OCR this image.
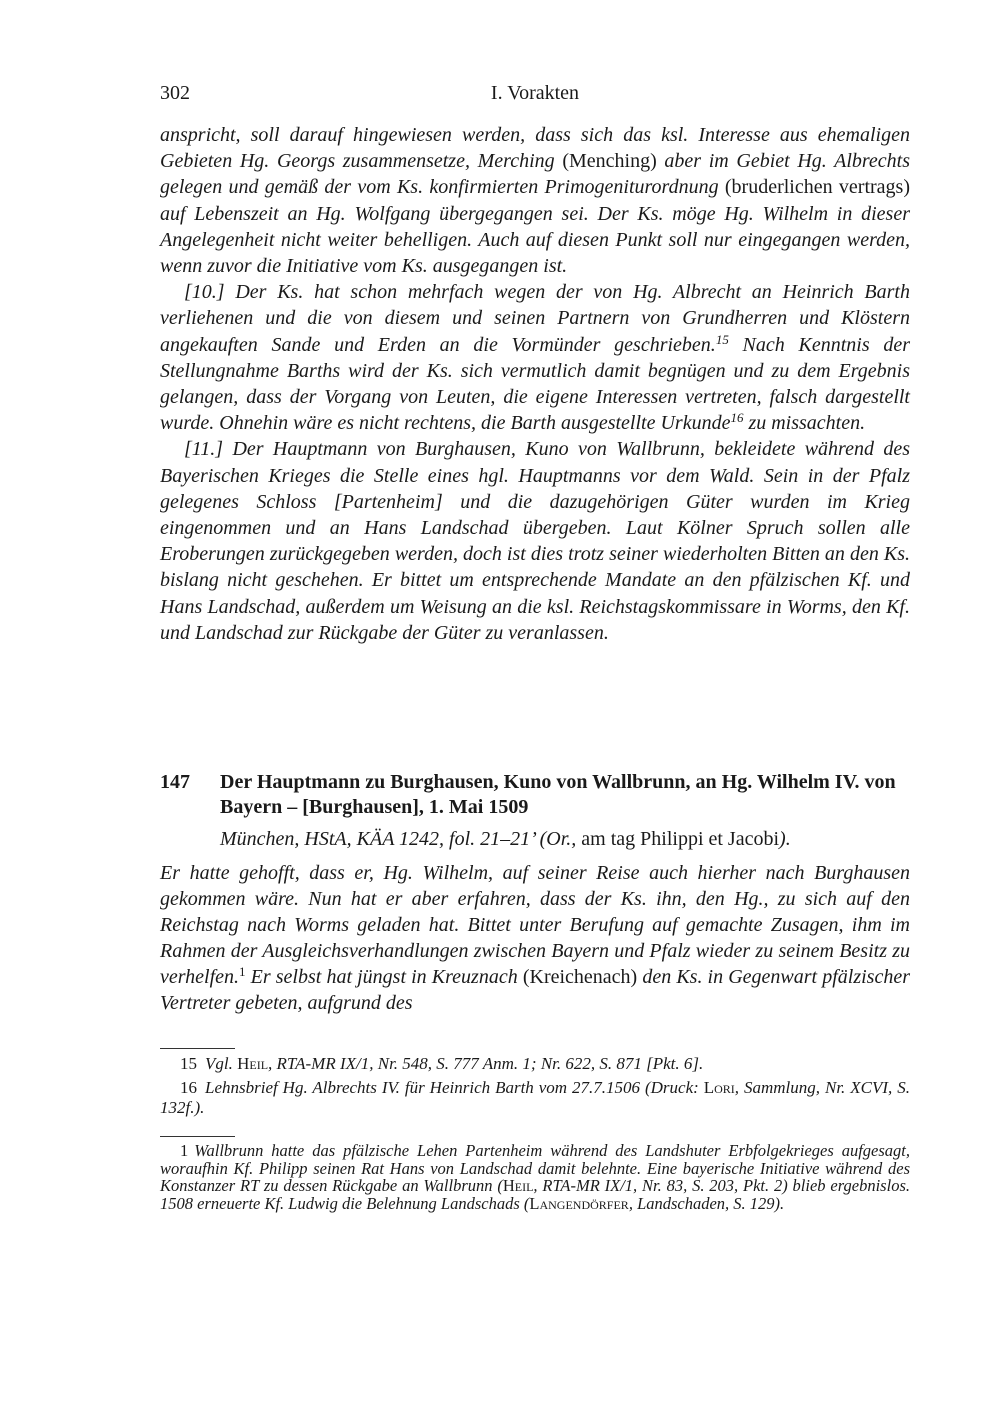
302	I. Vorakten

anspricht, soll darauf hingewiesen werden, dass sich das ksl. Interesse aus ehemaligen Gebieten Hg. Georgs zusammensetze, Merching (Menching) aber im Gebiet Hg. Albrechts gelegen und gemäß der vom Ks. konfirmierten Primogeniturordnung (bruderlichen vertrags) auf Lebenszeit an Hg. Wolfgang übergegangen sei. Der Ks. möge Hg. Wilhelm in dieser Angelegenheit nicht weiter behelligen. Auch auf diesen Punkt soll nur eingegangen werden, wenn zuvor die Initiative vom Ks. ausgegangen ist.

[10.] Der Ks. hat schon mehrfach wegen der von Hg. Albrecht an Heinrich Barth verliehenen und die von diesem und seinen Partnern von Grundherren und Klöstern angekauften Sande und Erden an die Vormünder geschrieben.$^{15}$ Nach Kenntnis der Stellungnahme Barths wird der Ks. sich vermutlich damit begnügen und zu dem Ergebnis gelangen, dass der Vorgang von Leuten, die eigene Interessen vertreten, falsch dargestellt wurde. Ohnehin wäre es nicht rechtens, die Barth ausgestellte Urkunde$^{16}$ zu missachten.

[11.] Der Hauptmann von Burghausen, Kuno von Wallbrunn, bekleidete während des Bayerischen Krieges die Stelle eines hgl. Hauptmanns vor dem Wald. Sein in der Pfalz gelegenes Schloss [Partenheim] und die dazugehörigen Güter wurden im Krieg eingenommen und an Hans Landschad übergeben. Laut Kölner Spruch sollen alle Eroberungen zurückgegeben werden, doch ist dies trotz seiner wiederholten Bitten an den Ks. bislang nicht geschehen. Er bittet um entsprechende Mandate an den pfälzischen Kf. und Hans Landschad, außerdem um Weisung an die ksl. Reichstagskommissare in Worms, den Kf. und Landschad zur Rückgabe der Güter zu veranlassen.

147 Der Hauptmann zu Burghausen, Kuno von Wallbrunn, an Hg. Wilhelm IV. von Bayern – [Burghausen], 1. Mai 1509
München, HStA, KÄA 1242, fol. 21–21’ (Or., am tag Philippi et Jacobi).
Er hatte gehofft, dass er, Hg. Wilhelm, auf seiner Reise auch hierher nach Burghausen gekommen wäre. Nun hat er aber erfahren, dass der Ks. ihn, den Hg., zu sich auf den Reichstag nach Worms geladen hat. Bittet unter Berufung auf gemachte Zusagen, ihm im Rahmen der Ausgleichsverhandlungen zwischen Bayern und Pfalz wieder zu seinem Besitz zu verhelfen.$^1$ Er selbst hat jüngst in Kreuznach (Kreichenach) den Ks. in Gegenwart pfälzischer Vertreter gebeten, aufgrund des
15 Vgl. Heil, RTA-MR IX/1, Nr. 548, S. 777 Anm. 1; Nr. 622, S. 871 [Pkt. 6].
16 Lehnsbrief Hg. Albrechts IV. für Heinrich Barth vom 27.7.1506 (Druck: Lori, Sammlung, Nr. XCVI, S. 132f.).
1 Wallbrunn hatte das pfälzische Lehen Partenheim während des Landshuter Erbfolgekrieges aufgesagt, woraufhin Kf. Philipp seinen Rat Hans von Landschad damit belehnte. Eine bayerische Initiative während des Konstanzer RT zu dessen Rückgabe an Wallbrunn (Heil, RTA-MR IX/1, Nr. 83, S. 203, Pkt. 2) blieb ergebnislos. 1508 erneuerte Kf. Ludwig die Belehnung Landschads (Langendörfer, Landschaden, S. 129).
